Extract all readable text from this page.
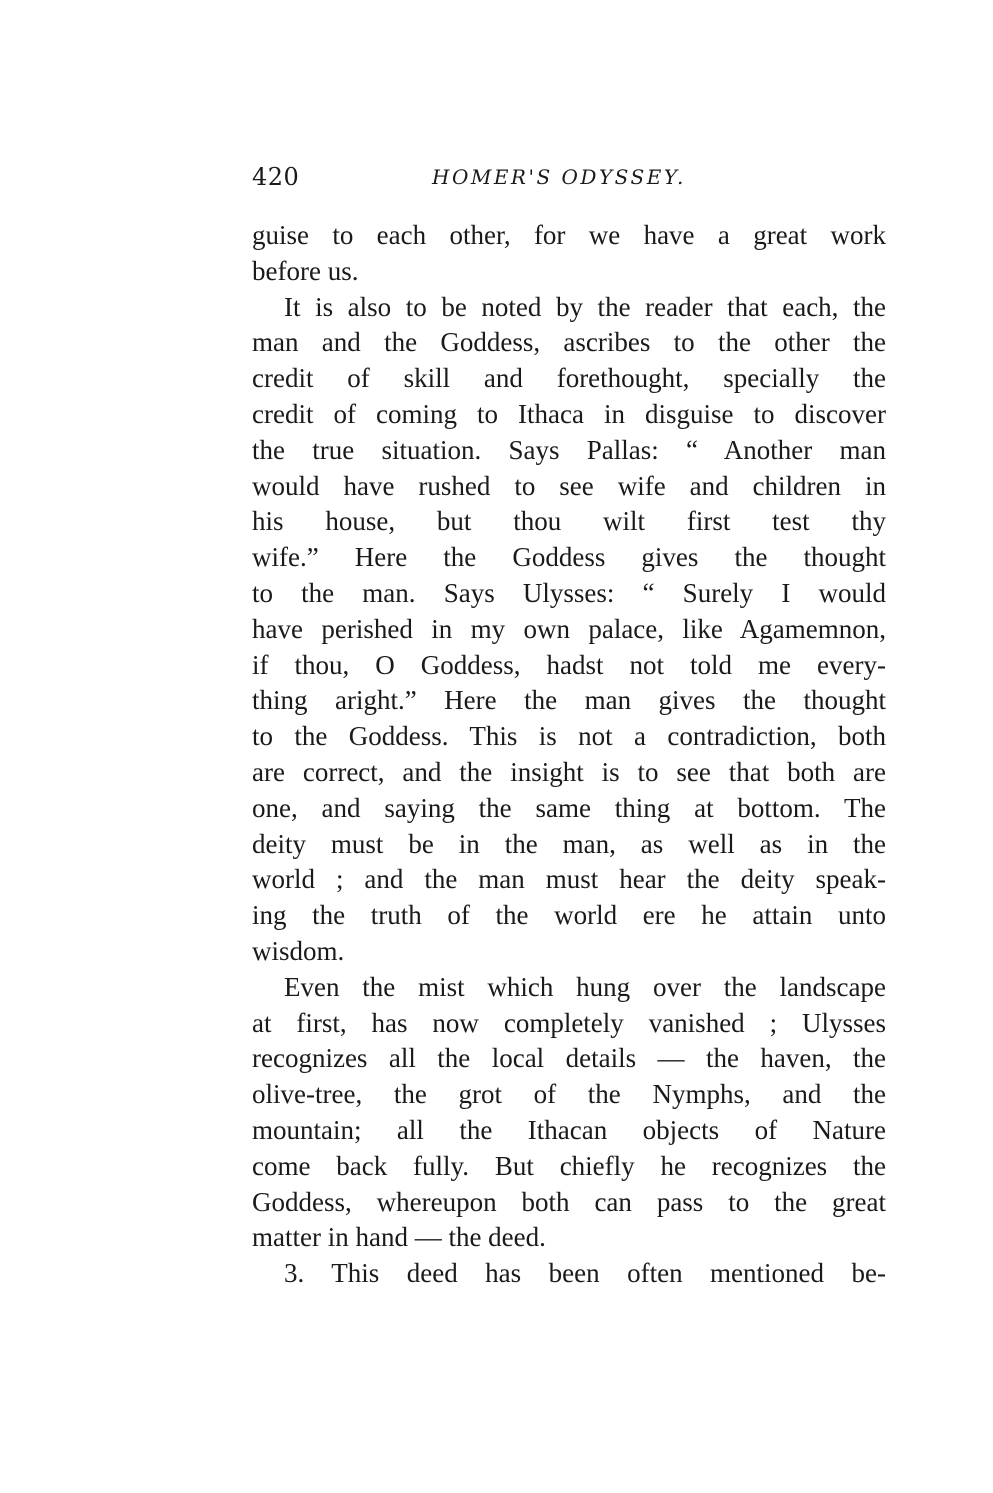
420	HOMER'S ODYSSEY.
guise to each other, for we have a great work
before us.
It is also to be noted by the reader that each, the
man and the Goddess, ascribes to the other the
credit of skill and forethought, specially the
credit of coming to Ithaca in disguise to discover
the true situation. Says Pallas: “ Another man
would have rushed to see wife and children in
his house, but thou wilt first test thy
wife.” Here the Goddess gives the thought
to the man. Says Ulysses: “ Surely I would
have perished in my own palace, like Agamemnon,
if thou, O Goddess, hadst not told me every-
thing aright.” Here the man gives the thought
to the Goddess. This is not a contradiction, both
are correct, and the insight is to see that both are
one, and saying the same thing at bottom. The
deity must be in the man, as well as in the
world ; and the man must hear the deity speak-
ing the truth of the world ere he attain unto
wisdom.
Even the mist which hung over the landscape
at first, has now completely vanished ; Ulysses
recognizes all the local details — the haven, the
olive-tree, the grot of the Nymphs, and the
mountain; all the Ithacan objects of Nature
come back fully. But chiefly he recognizes the
Goddess, whereupon both can pass to the great
matter in hand — the deed.
3. This deed has been often mentioned be-
